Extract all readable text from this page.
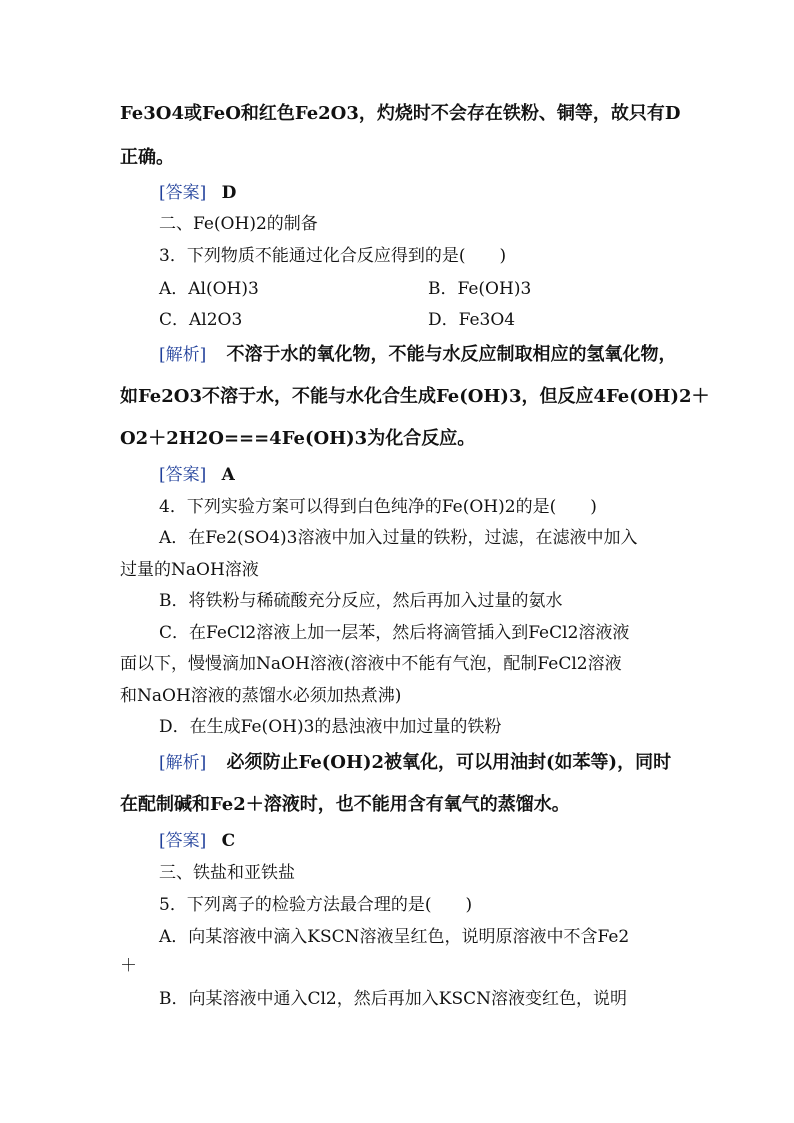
Fe3O4或FeO和红色Fe2O3，灼烧时不会存在铁粉、铜等，故只有D
正确。
[答案] D
二、Fe(OH)2的制备
3．下列物质不能通过化合反应得到的是(　　)
A．Al(OH)3	B．Fe(OH)3
C．Al2O3	D．Fe3O4
[解析] 不溶于水的氧化物，不能与水反应制取相应的氢氧化物，
如Fe2O3不溶于水，不能与水化合生成Fe(OH)3，但反应4Fe(OH)2＋
O2＋2H2O===4Fe(OH)3为化合反应。
[答案] A
4．下列实验方案可以得到白色纯净的Fe(OH)2的是(　　)
A．在Fe2(SO4)3溶液中加入过量的铁粉，过滤，在滤液中加入
过量的NaOH溶液
B．将铁粉与稀硫酸充分反应，然后再加入过量的氨水
C．在FeCl2溶液上加一层苯，然后将滴管插入到FeCl2溶液液
面以下，慢慢滴加NaOH溶液(溶液中不能有气泡，配制FeCl2溶液
和NaOH溶液的蒸馏水必须加热煮沸)
D．在生成Fe(OH)3的悬浊液中加过量的铁粉
[解析] 必须防止Fe(OH)2被氧化，可以用油封(如苯等)，同时
在配制碱和Fe2＋溶液时，也不能用含有氧气的蒸馏水。
[答案] C
三、铁盐和亚铁盐
5．下列离子的检验方法最合理的是(　　)
A．向某溶液中滴入KSCN溶液呈红色，说明原溶液中不含Fe2
＋
B．向某溶液中通入Cl2，然后再加入KSCN溶液变红色，说明
